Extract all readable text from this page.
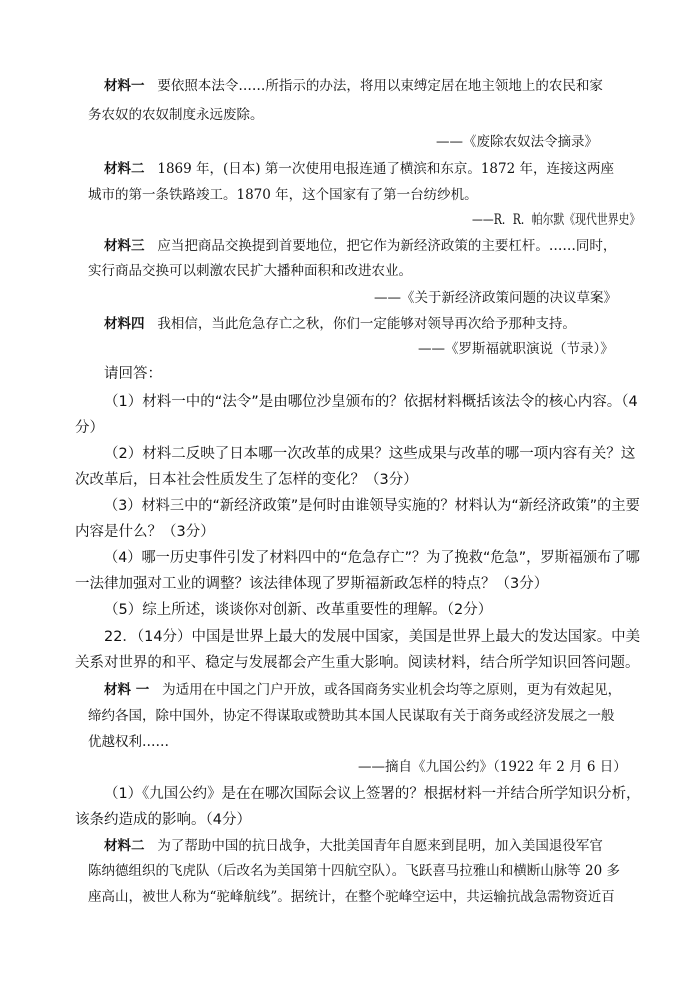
材料一 要依照本法令……所指示的办法，将用以束缚定居在地主领地上的农民和家
务农奴的农奴制度永远废除。
——《废除农奴法令摘录》
材料二 1869 年，(日本) 第一次使用电报连通了横滨和东京。1872 年，连接这两座
城市的第一条铁路竣工。1870 年，这个国家有了第一台纺纱机。
——R．R．帕尔默《现代世界史》
材料三 应当把商品交换提到首要地位，把它作为新经济政策的主要杠杆。……同时，
实行商品交换可以刺激农民扩大播种面积和改进农业。
——《关于新经济政策问题的决议草案》
材料四 我相信，当此危急存亡之秋，你们一定能够对领导再次给予那种支持。
——《罗斯福就职演说（节录）》
请回答：
（1）材料一中的“法令”是由哪位沙皇颁布的？依据材料概括该法令的核心内容。（4
分）
（2）材料二反映了日本哪一次改革的成果？这些成果与改革的哪一项内容有关？这
次改革后，日本社会性质发生了怎样的变化？（3分）
（3）材料三中的“新经济政策”是何时由谁领导实施的？材料认为“新经济政策”的主要
内容是什么？（3分）
（4）哪一历史事件引发了材料四中的“危急存亡”？为了挽救“危急”，罗斯福颁布了哪
一法律加强对工业的调整？该法律体现了罗斯福新政怎样的特点？（3分）
（5）综上所述，谈谈你对创新、改革重要性的理解。（2分）
22．（14分）中国是世界上最大的发展中国家，美国是世界上最大的发达国家。中美
关系对世界的和平、稳定与发展都会产生重大影响。阅读材料，结合所学知识回答问题。
材料 一 为适用在中国之门户开放，或各国商务实业机会均等之原则，更为有效起见，
缔约各国，除中国外，协定不得谋取或赞助其本国人民谋取有关于商务或经济发展之一般
优越权利……
——摘自《九国公约》（1922 年 2 月 6 日）
（1）《九国公约》是在在哪次国际会议上签署的？根据材料一并结合所学知识分析，
该条约造成的影响。（4分）
材料二 为了帮助中国的抗日战争，大批美国青年自愿来到昆明，加入美国退役军官
陈纳德组织的飞虎队（后改名为美国第十四航空队）。飞跃喜马拉雅山和横断山脉等 20 多
座高山，被世人称为“驼峰航线”。据统计，在整个驼峰空运中，共运输抗战急需物资近百
